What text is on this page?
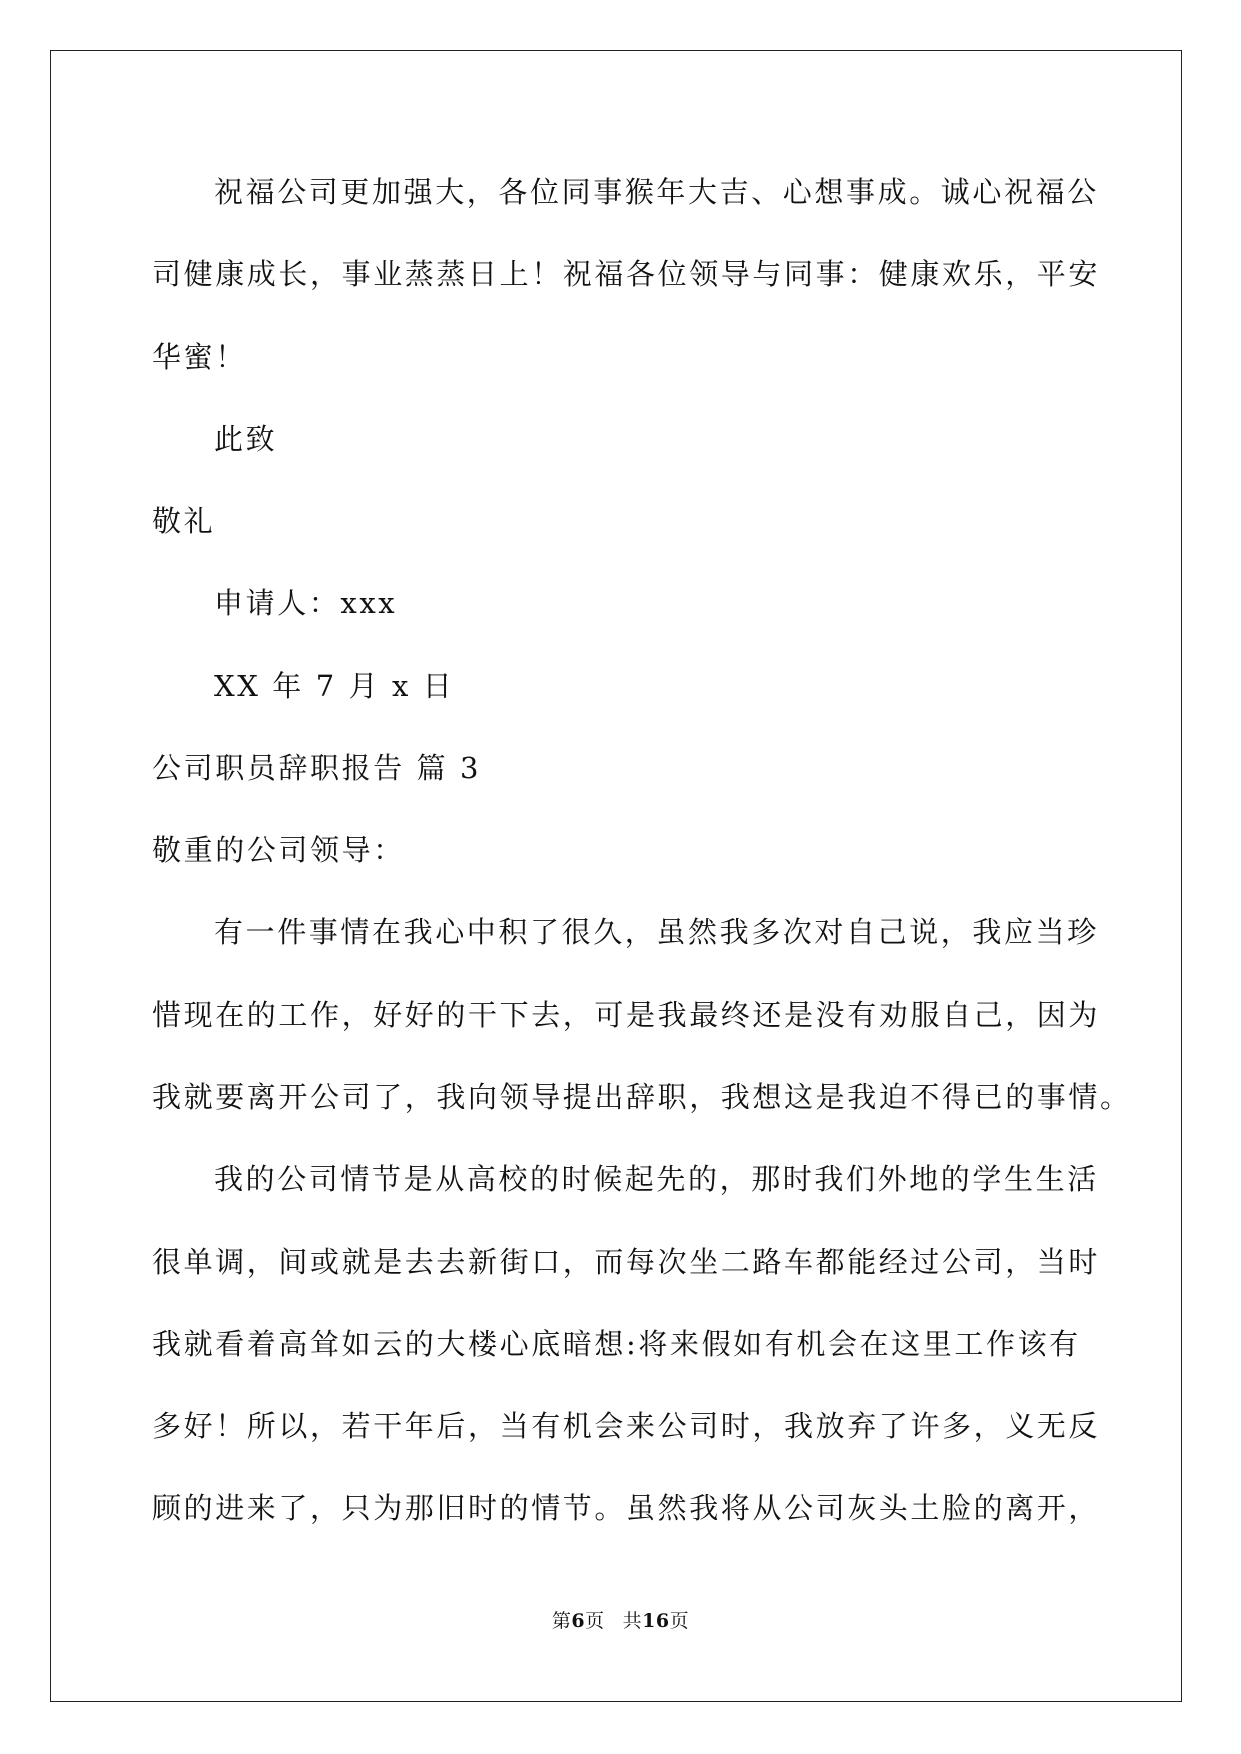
祝福公司更加强大，各位同事猴年大吉、心想事成。诚心祝福公
司健康成长，事业蒸蒸日上！祝福各位领导与同事：健康欢乐，平安
华蜜！
此致
敬礼
申请人：xxx
XX 年 7 月 x 日
公司职员辞职报告 篇 3
敬重的公司领导：
有一件事情在我心中积了很久，虽然我多次对自己说，我应当珍
惜现在的工作，好好的干下去，可是我最终还是没有劝服自己，因为
我就要离开公司了，我向领导提出辞职，我想这是我迫不得已的事情。
我的公司情节是从高校的时候起先的，那时我们外地的学生生活
很单调，间或就是去去新街口，而每次坐二路车都能经过公司，当时
我就看着高耸如云的大楼心底暗想:将来假如有机会在这里工作该有
多好！所以，若干年后，当有机会来公司时，我放弃了许多，义无反
顾的进来了，只为那旧时的情节。虽然我将从公司灰头土脸的离开，
第6页 共16页
